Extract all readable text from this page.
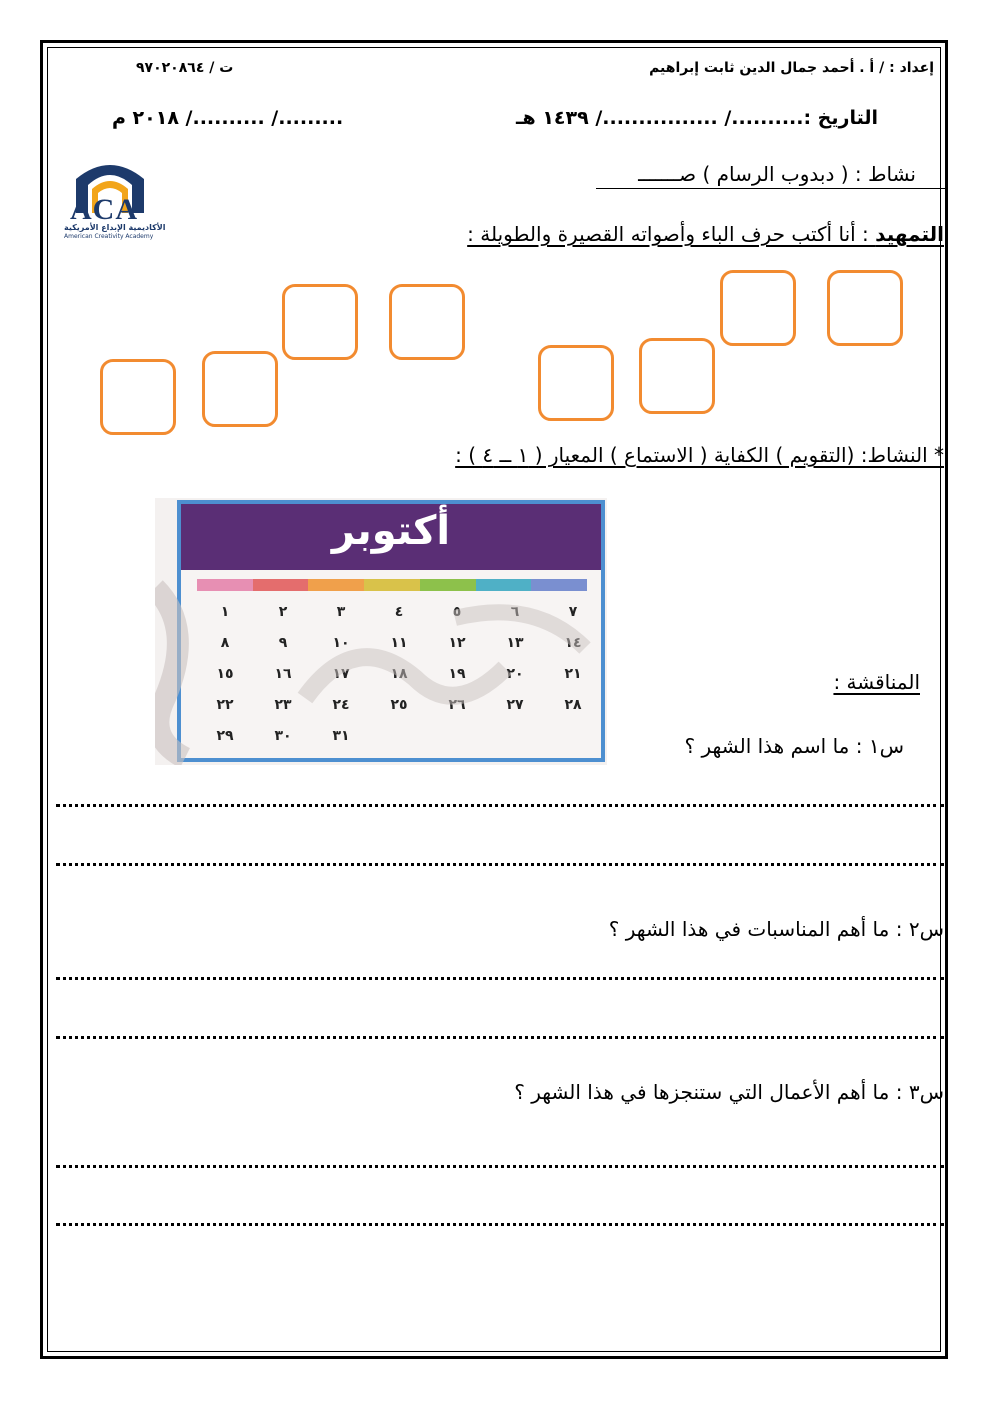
إعداد : / أ . أحمد جمال الدين ثابت إبراهيم
ت / ٩٧٠٢٠٨٦٤
التاريخ :........../ ................/ ١٤٣٩ هـ
........./ ........../ ٢٠١٨ م
نشاط : ( دبدوب الرسام ) صـــــــ
ACA
الأكاديمية الإبداع الأمريكية
American Creativity Academy	التمهيد : أنا أكتب حرف الباء وأصواته القصيرة والطويلة :
* النشاط: (التقويم ) الكفاية ( الاستماع ) المعيار ( ١ ــ ٤ ) :
أكتوبر
٧
٦
٥
٤
٣
٢
١
١٤
١٣
١٢
١١
١٠
٩
٨
٢١
٢٠
١٩
١٨
١٧
١٦
١٥
٢٨
٢٧
٢٦
٢٥
٢٤
٢٣
٢٢
٣١
٣٠
٢٩
المناقشة :
س١ : ما اسم هذا الشهر ؟
س٢ : ما أهم المناسبات في هذا الشهر ؟
س٣ : ما أهم الأعمال التي ستنجزها في هذا الشهر ؟
